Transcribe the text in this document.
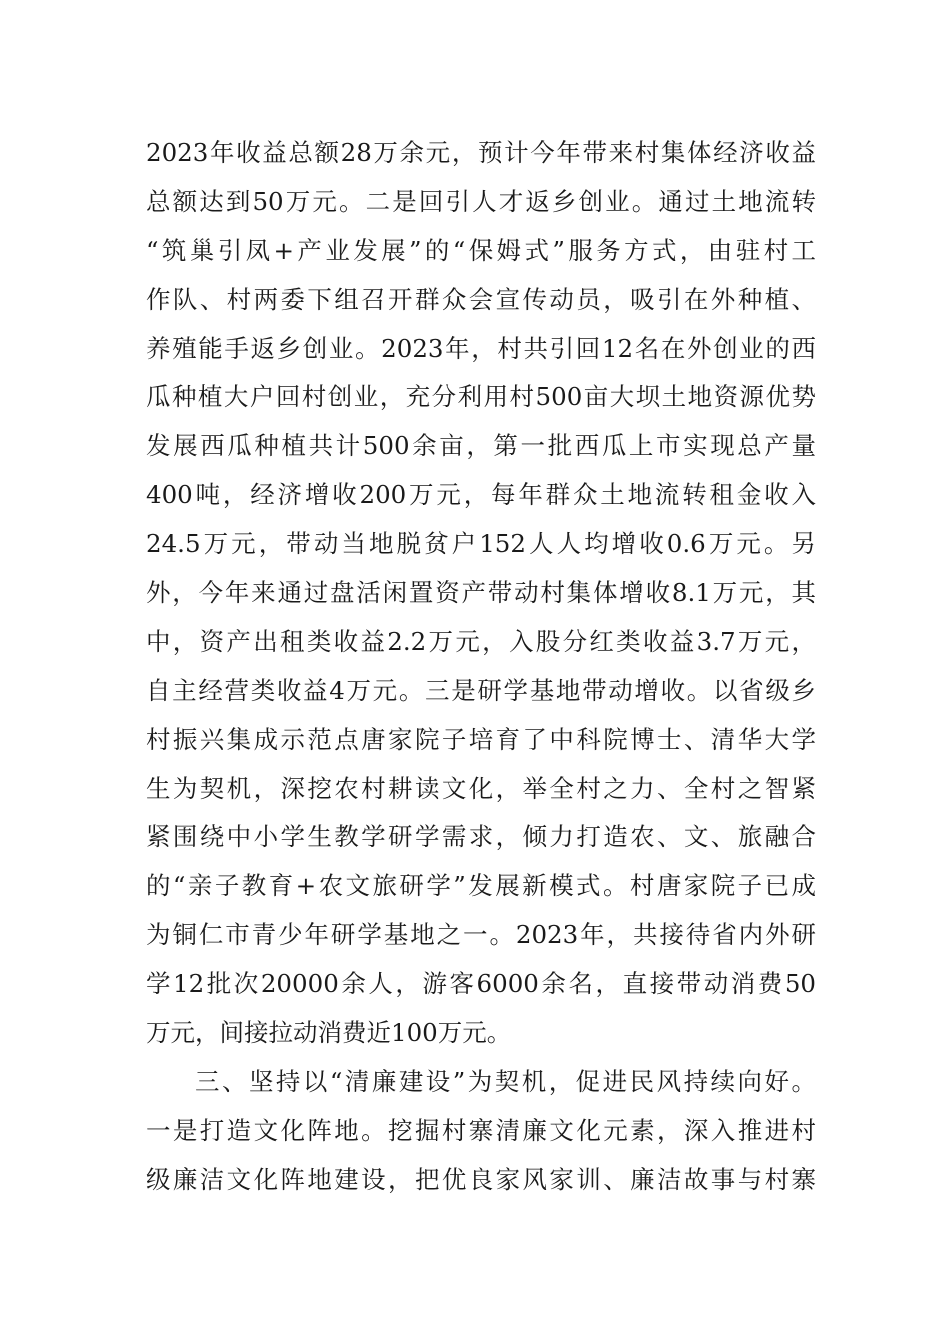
2023年收益总额28万余元，预计今年带来村集体经济收益
总额达到50万元。二是回引人才返乡创业。通过土地流转
“筑巢引凤+产业发展”的“保姆式”服务方式，由驻村工
作队、村两委下组召开群众会宣传动员，吸引在外种植、
养殖能手返乡创业。2023年，村共引回12名在外创业的西
瓜种植大户回村创业，充分利用村500亩大坝土地资源优势
发展西瓜种植共计500余亩，第一批西瓜上市实现总产量
400吨，经济增收200万元，每年群众土地流转租金收入
24.5万元，带动当地脱贫户152人人均增收0.6万元。另
外，今年来通过盘活闲置资产带动村集体增收8.1万元，其
中，资产出租类收益2.2万元，入股分红类收益3.7万元，
自主经营类收益4万元。三是研学基地带动增收。以省级乡
村振兴集成示范点唐家院子培育了中科院博士、清华大学
生为契机，深挖农村耕读文化，举全村之力、全村之智紧
紧围绕中小学生教学研学需求，倾力打造农、文、旅融合
的“亲子教育+农文旅研学”发展新模式。村唐家院子已成
为铜仁市青少年研学基地之一。2023年，共接待省内外研
学12批次20000余人，游客6000余名，直接带动消费50
万元，间接拉动消费近100万元。
三、坚持以“清廉建设”为契机，促进民风持续向好。
一是打造文化阵地。挖掘村寨清廉文化元素，深入推进村
级廉洁文化阵地建设，把优良家风家训、廉洁故事与村寨
